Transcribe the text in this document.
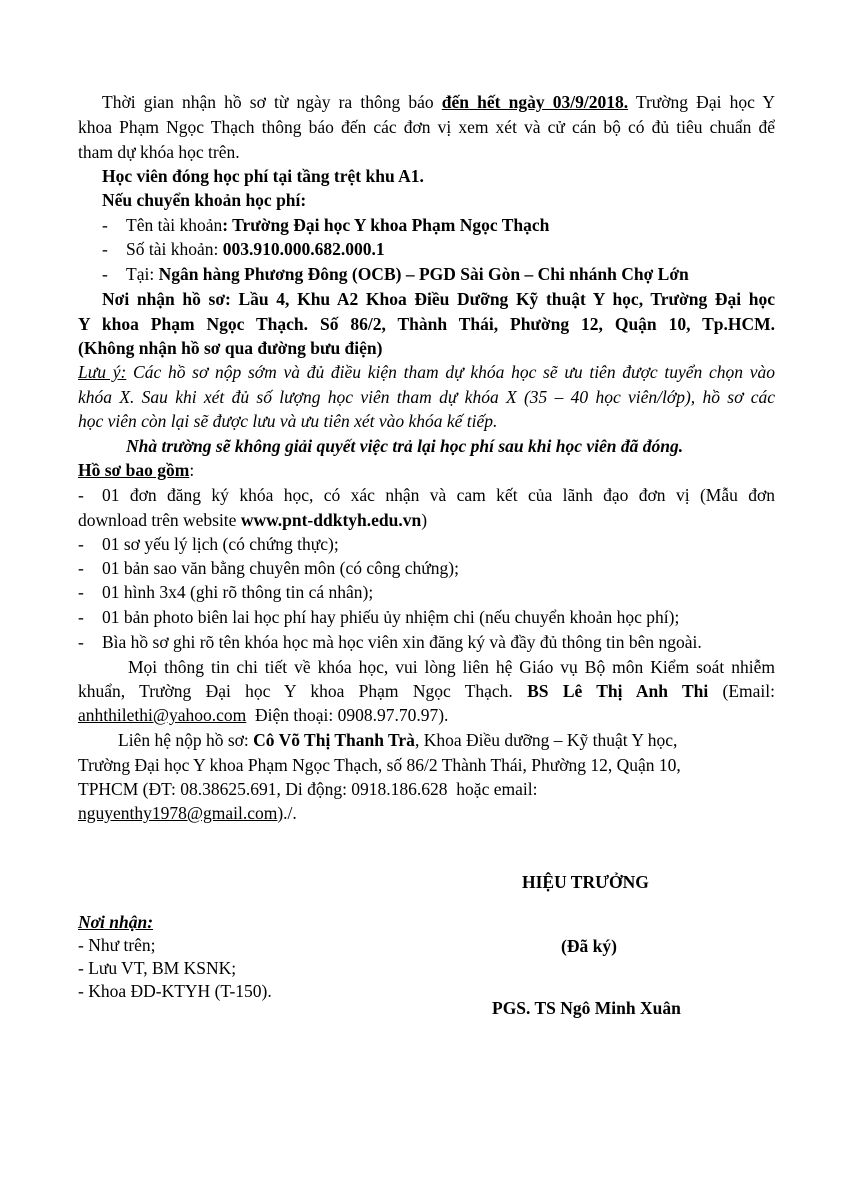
Thời gian nhận hồ sơ từ ngày ra thông báo đến hết ngày 03/9/2018. Trường Đại học Y
khoa Phạm Ngọc Thạch thông báo đến các đơn vị xem xét và cử cán bộ có đủ tiêu chuẩn để
tham dự khóa học trên.
Học viên đóng học phí tại tầng trệt khu A1.
Nếu chuyển khoản học phí:
- Tên tài khoản: Trường Đại học Y khoa Phạm Ngọc Thạch
- Số tài khoản: 003.910.000.682.000.1
- Tại: Ngân hàng Phương Đông (OCB) – PGD Sài Gòn – Chi nhánh Chợ Lớn
Nơi nhận hồ sơ: Lầu 4, Khu A2 Khoa Điều Dưỡng Kỹ thuật Y học, Trường Đại học
Y khoa Phạm Ngọc Thạch. Số 86/2, Thành Thái, Phường 12, Quận 10, Tp.HCM.
(Không nhận hồ sơ qua đường bưu điện)
Lưu ý: Các hồ sơ nộp sớm và đủ điều kiện tham dự khóa học sẽ ưu tiên được tuyển chọn vào
khóa X. Sau khi xét đủ số lượng học viên tham dự khóa X (35 – 40 học viên/lớp), hồ sơ các
học viên còn lại sẽ được lưu và ưu tiên xét vào khóa kế tiếp.
Nhà trường sẽ không giải quyết việc trả lại học phí sau khi học viên đã đóng.
Hồ sơ bao gồm:
- 01 đơn đăng ký khóa học, có xác nhận và cam kết của lãnh đạo đơn vị (Mẫu đơn
download trên website www.pnt-ddktyh.edu.vn)
- 01 sơ yếu lý lịch (có chứng thực);
- 01 bản sao văn bằng chuyên môn (có công chứng);
- 01 hình 3x4 (ghi rõ thông tin cá nhân);
- 01 bản photo biên lai học phí hay phiếu ủy nhiệm chi (nếu chuyển khoản học phí);
- Bìa hồ sơ ghi rõ tên khóa học mà học viên xin đăng ký và đầy đủ thông tin bên ngoài.
Mọi thông tin chi tiết về khóa học, vui lòng liên hệ Giáo vụ Bộ môn Kiểm soát nhiễm
khuẩn, Trường Đại học Y khoa Phạm Ngọc Thạch. BS Lê Thị Anh Thi (Email:
anhthilethi@yahoo.com  Điện thoại: 0908.97.70.97).
Liên hệ nộp hồ sơ: Cô Võ Thị Thanh Trà, Khoa Điều dưỡng – Kỹ thuật Y học,
Trường Đại học Y khoa Phạm Ngọc Thạch, số 86/2 Thành Thái, Phường 12, Quận 10,
TPHCM (ĐT: 08.38625.691, Di động: 0918.186.628  hoặc email:
nguyenthy1978@gmail.com)./.
HIỆU TRƯỞNG
(Đã ký)
PGS. TS Ngô Minh Xuân
Nơi nhận:
- Như trên;
- Lưu VT, BM KSNK;
- Khoa ĐD-KTYH (T-150).
